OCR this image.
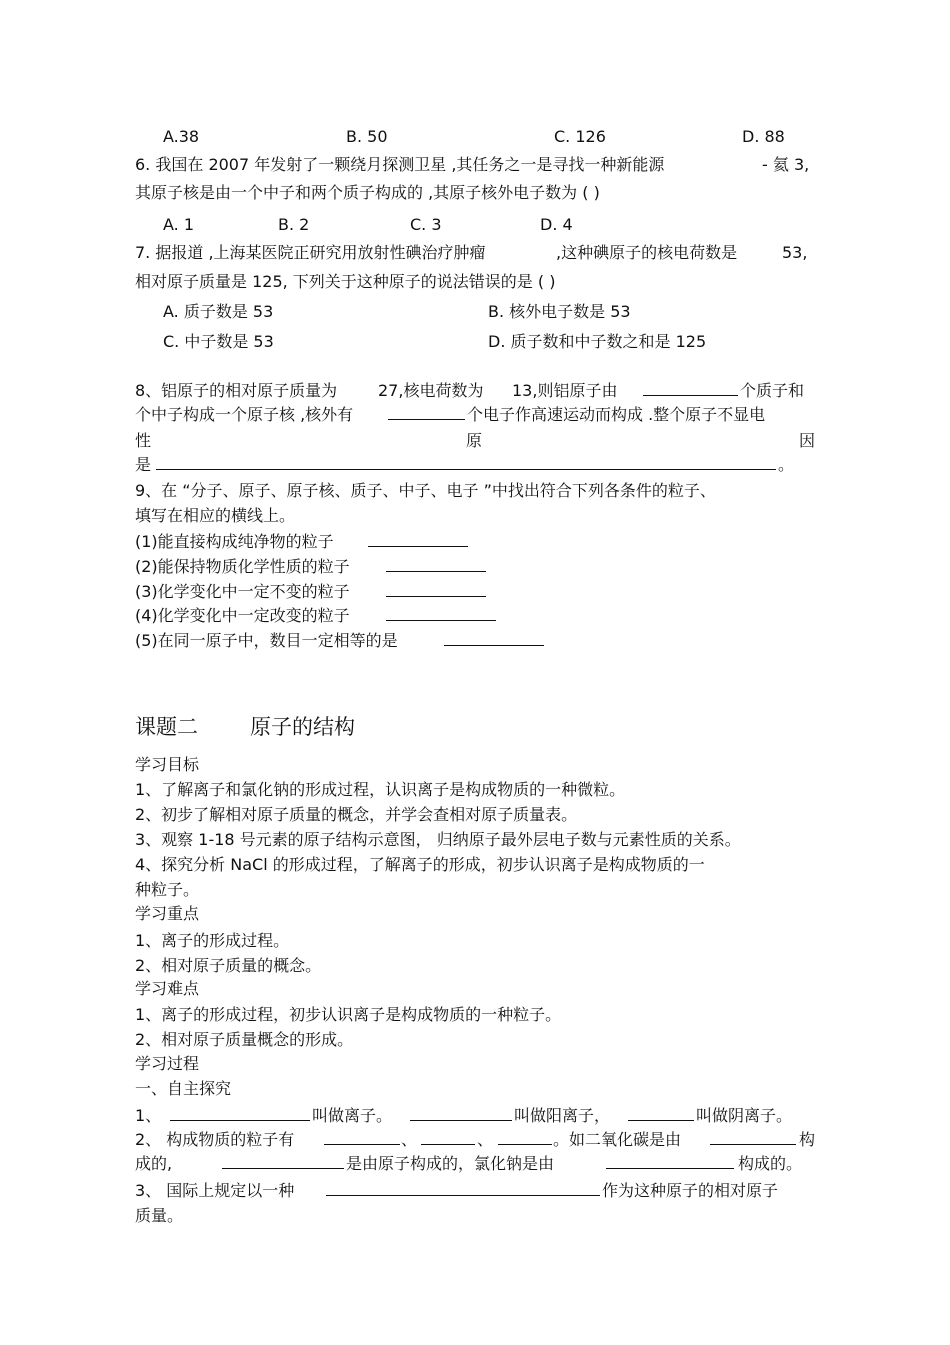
A.38	B. 50	C. 126	D. 88
6. 我国在 2007 年发射了一颗绕月探测卫星 ,其任务之一是寻找一种新能源	- 氦 3,
其原子核是由一个中子和两个质子构成的 ,其原子核外电子数为 ( )
A. 1	B. 2	C. 3	D. 4
7. 据报道 ,上海某医院正研究用放射性碘治疗肿瘤	,这种碘原子的核电荷数是	53,
相对原子质量是 125, 下列关于这种原子的说法错误的是 ( )
A. 质子数是 53	B. 核外电子数是 53
C. 中子数是 53	D. 质子数和中子数之和是 125
8、铝原子的相对原子质量为	27,核电荷数为 13,则铝原子由	个质子和
个中子构成一个原子核 ,核外有	个电子作高速运动而构成 .整个原子不显电
性	原	因
是	。
9、在 “分子、原子、原子核、质子、中子、电子 ”中找出符合下列各条件的粒子、
填写在相应的横线上。
(1)能直接构成纯净物的粒子
(2)能保持物质化学性质的粒子
(3)化学变化中一定不变的粒子
(4)化学变化中一定改变的粒子
(5)在同一原子中，数目一定相等的是
课题二 原子的结构
学习目标
1、了解离子和氯化钠的形成过程，认识离子是构成物质的一种微粒。
2、初步了解相对原子质量的概念，并学会查相对原子质量表。
3、观察 1-18 号元素的原子结构示意图， 归纳原子最外层电子数与元素性质的关系。
4、探究分析 NaCl 的形成过程，了解离子的形成，初步认识离子是构成物质的一
种粒子。
学习重点
1、离子的形成过程。
2、相对原子质量的概念。
学习难点
1、离子的形成过程，初步认识离子是构成物质的一种粒子。
2、相对原子质量概念的形成。
学习过程
一、自主探究
1、	叫做离子。	叫做阳离子，	叫做阴离子。
2、 构成物质的粒子有	、	、	。如二氧化碳是由	构
成的,	是由原子构成的，氯化钠是由	构成的。
3、 国际上规定以一种	作为这种原子的相对原子
质量。
